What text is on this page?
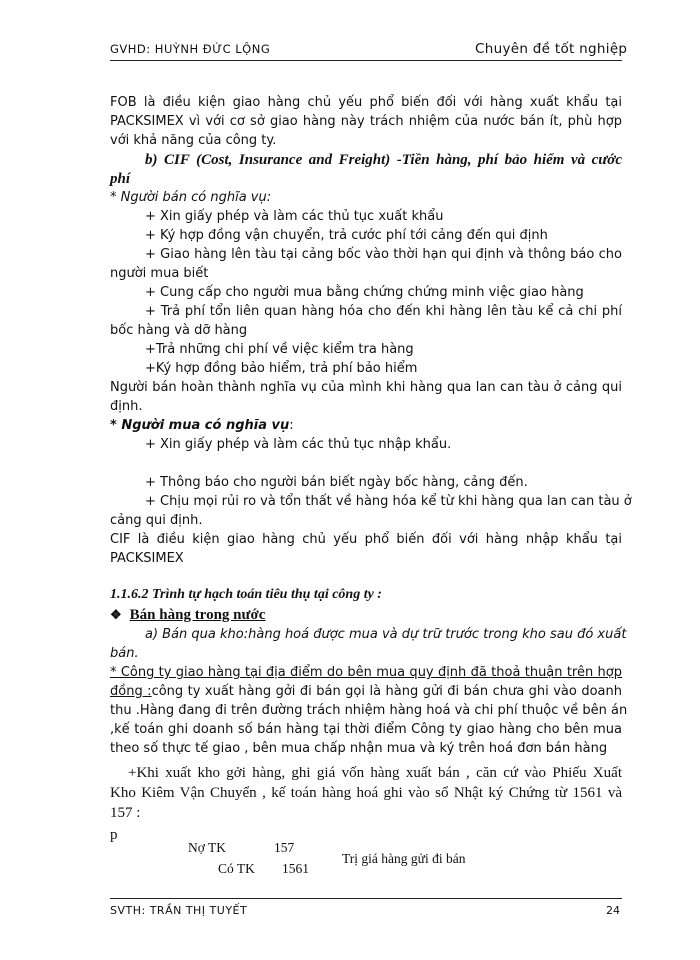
GVHD: HUỲNH ĐỨC LỘNG	Chuyên đề tốt nghiệp
FOB là điều kiện giao hàng chủ yếu phổ biến đối với hàng xuất khẩu tại
PACKSIMEX vì với cơ sở giao hàng này trách nhiệm của nước bán ít, phù hợp
với khả năng của công ty.
b) CIF (Cost, Insurance and Freight) -Tiền hàng, phí bảo hiểm và cước
phí
* Người bán có nghĩa vụ:
+ Xin giấy phép và làm các thủ tục xuất khẩu
+ Ký hợp đồng vận chuyển, trả cước phí tới cảng đến qui định
+ Giao hàng lên tàu tại cảng bốc vào thời hạn qui định và thông báo cho
người mua biết
+ Cung cấp cho người mua bằng chứng chứng minh việc giao hàng
+ Trả phí tổn liên quan hàng hóa cho đến khi hàng lên tàu kể cả chi phí
bốc hàng và dỡ hàng
+Trả những chi phí về việc kiểm tra hàng
+Ký hợp đồng bảo hiểm, trả phí bảo hiểm
Người bán hoàn thành nghĩa vụ của mình khi hàng qua lan can tàu ở cảng qui
định.
* Người mua có nghĩa vụ:
+ Xin giấy phép và làm các thủ tục nhập khẩu.
+ Thông báo cho người bán biết ngày bốc hàng, cảng đến.
+ Chịu mọi rủi ro và tổn thất về hàng hóa kể từ khi hàng qua lan can tàu ở
cảng qui định.
CIF là điều kiện giao hàng chủ yếu phổ biến đối với hàng nhập khẩu tại
PACKSIMEX
1.1.6.2 Trình tự hạch toán tiêu thụ tại công ty :
❖ Bán hàng trong nước
a) Bán qua kho:hàng hoá được mua và dự trữ trước trong kho sau đó xuất
bán.
* Công ty giao hàng tại địa điểm do bên mua quy định đã thoả thuận trên hợp
đồng :công ty xuất hàng gởi đi bán gọi là hàng gửi đi bán chưa ghi vào doanh
thu .Hàng đang đi trên đường trách nhiệm hàng hoá và chi phí thuộc về bên án
,kế toán ghi doanh số bán hàng tại thời điểm Công ty giao hàng cho bên mua
theo số thực tế giao , bên mua chấp nhận mua và ký trên hoá đơn bán hàng
+Khi xuất kho gởi hàng, ghi giá vốn hàng xuất bán , căn cứ vào Phiếu Xuất
Kho Kiêm Vận Chuyển , kế toán hàng hoá ghi vào sổ Nhật ký Chứng từ 1561 và
157 :
p
Nợ TK	157
Có TK 1561
Trị giá hàng gửi đi bán
SVTH: TRẦN THỊ TUYẾT	24
